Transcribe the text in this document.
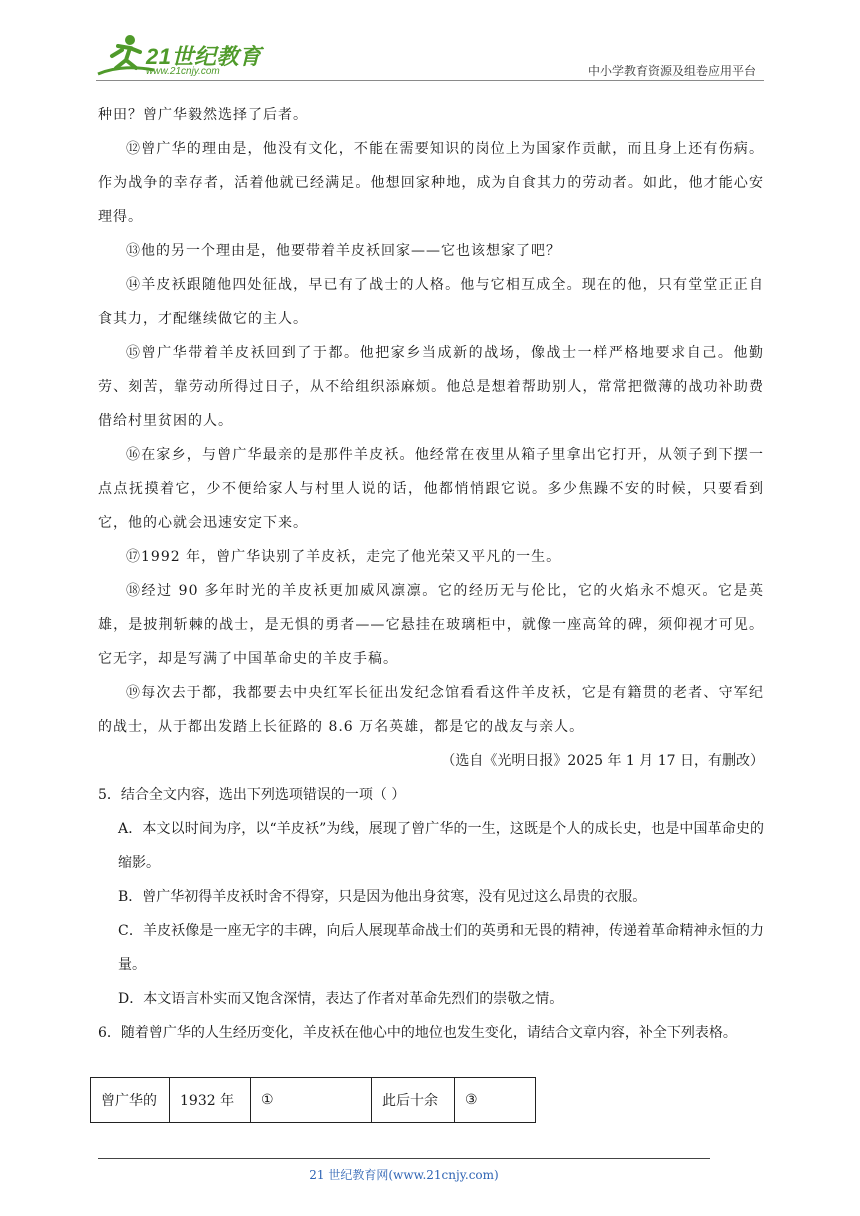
21世纪教育
www.21cnjy.com	中小学教育资源及组卷应用平台

种田？曾广华毅然选择了后者。

⑫曾广华的理由是，他没有文化，不能在需要知识的岗位上为国家作贡献，而且身上还有伤病。作为战争的幸存者，活着他就已经满足。他想回家种地，成为自食其力的劳动者。如此，他才能心安理得。

⑬他的另一个理由是，他要带着羊皮袄回家——它也该想家了吧？

⑭羊皮袄跟随他四处征战，早已有了战士的人格。他与它相互成全。现在的他，只有堂堂正正自食其力，才配继续做它的主人。

⑮曾广华带着羊皮袄回到了于都。他把家乡当成新的战场，像战士一样严格地要求自己。他勤劳、刻苦，靠劳动所得过日子，从不给组织添麻烦。他总是想着帮助别人，常常把微薄的战功补助费借给村里贫困的人。

⑯在家乡，与曾广华最亲的是那件羊皮袄。他经常在夜里从箱子里拿出它打开，从领子到下摆一点点抚摸着它，少不便给家人与村里人说的话，他都悄悄跟它说。多少焦躁不安的时候，只要看到它，他的心就会迅速安定下来。

⑰1992 年，曾广华诀别了羊皮袄，走完了他光荣又平凡的一生。

⑱经过 90 多年时光的羊皮袄更加威风凛凛。它的经历无与伦比，它的火焰永不熄灭。它是英雄，是披荆斩棘的战士，是无惧的勇者——它悬挂在玻璃柜中，就像一座高耸的碑，须仰视才可见。它无字，却是写满了中国革命史的羊皮手稿。

⑲每次去于都，我都要去中央红军长征出发纪念馆看看这件羊皮袄，它是有籍贯的老者、守军纪的战士，从于都出发踏上长征路的 8.6 万名英雄，都是它的战友与亲人。

（选自《光明日报》2025 年 1 月 17 日，有删改）

5．结合全文内容，选出下列选项错误的一项（ ）

A．本文以时间为序，以“羊皮袄”为线，展现了曾广华的一生，这既是个人的成长史，也是中国革命史的缩影。

B．曾广华初得羊皮袄时舍不得穿，只是因为他出身贫寒，没有见过这么昂贵的衣服。

C．羊皮袄像是一座无字的丰碑，向后人展现革命战士们的英勇和无畏的精神，传递着革命精神永恒的力量。

D．本文语言朴实而又饱含深情，表达了作者对革命先烈们的崇敬之情。

6．随着曾广华的人生经历变化，羊皮袄在他心中的地位也发生变化，请结合文章内容，补全下列表格。

曾广华的	1932 年	①	此后十余	③
21 世纪教育网(www.21cnjy.com)
